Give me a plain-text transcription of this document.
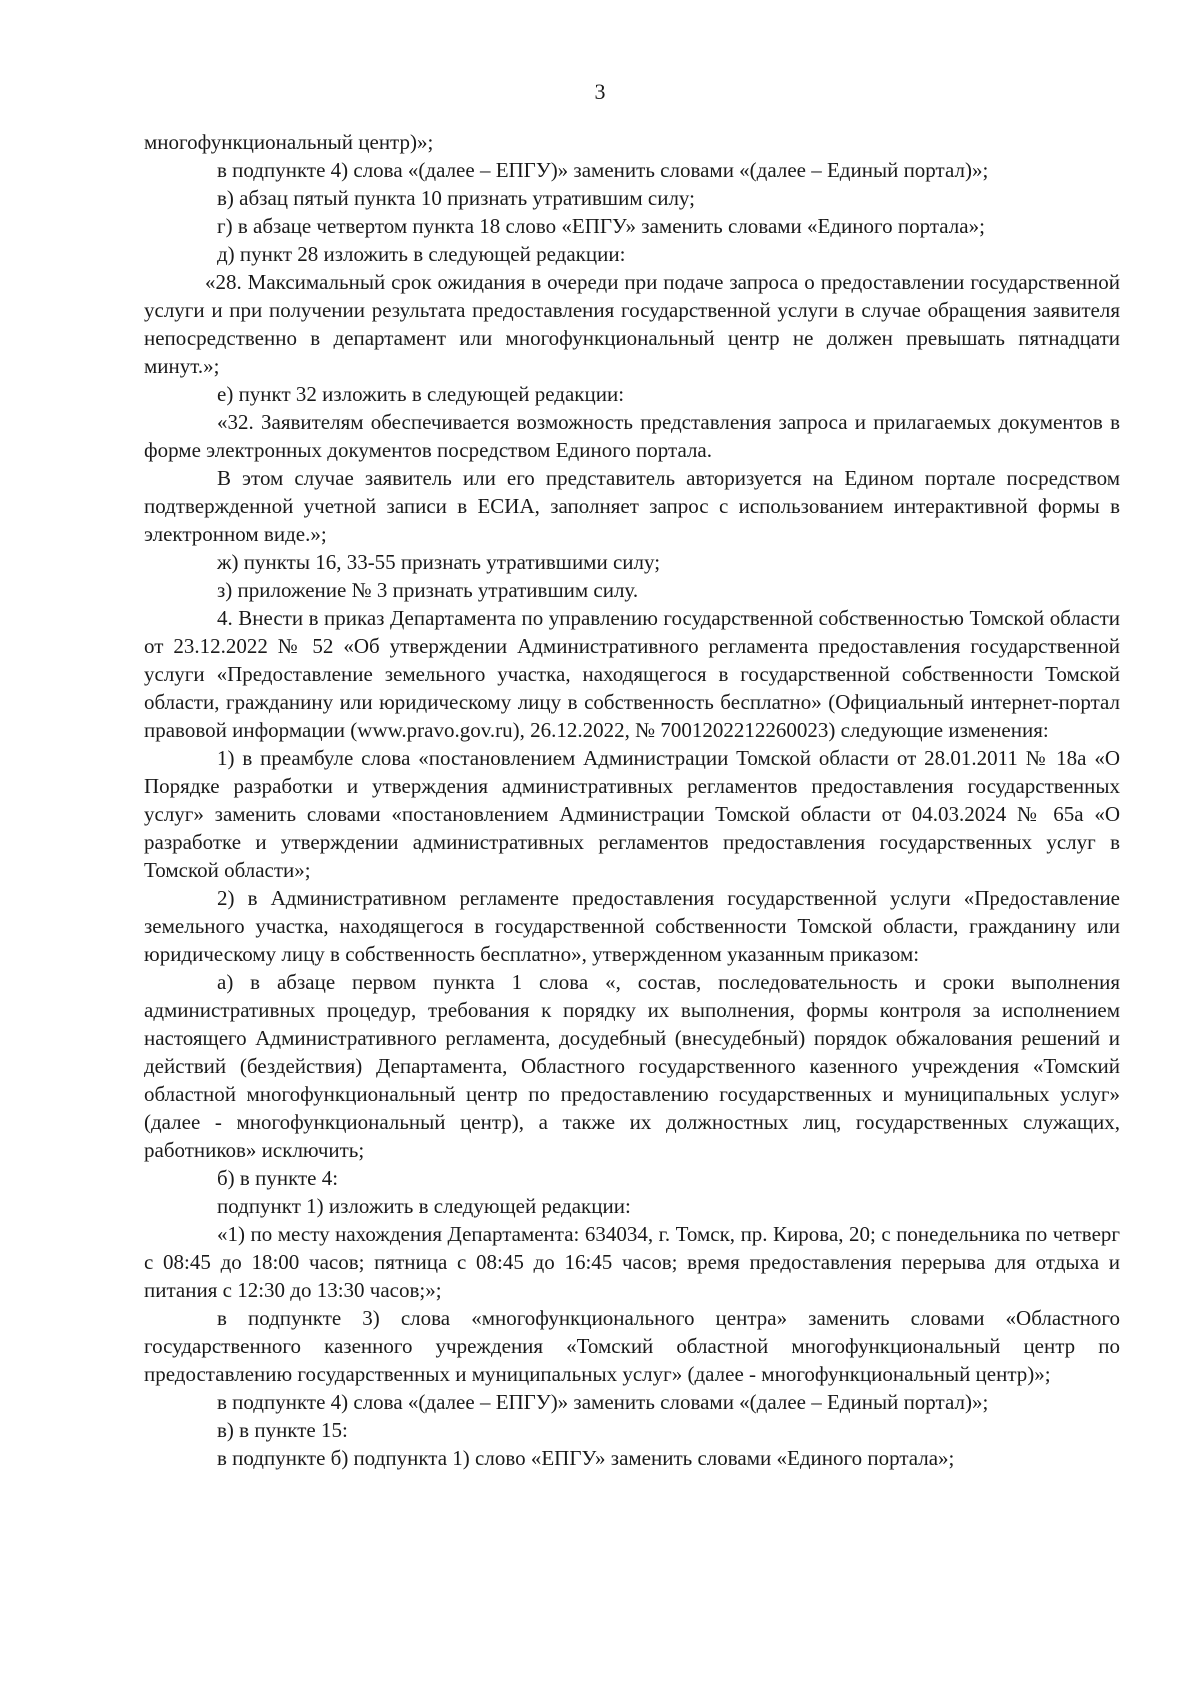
3

многофункциональный центр)»;

в подпункте 4) слова «(далее – ЕПГУ)» заменить словами «(далее – Единый портал)»;

в) абзац пятый пункта 10 признать утратившим силу;

г) в абзаце четвертом пункта 18 слово «ЕПГУ» заменить словами «Единого портала»;

д) пункт 28 изложить в следующей редакции:

«28. Максимальный срок ожидания в очереди при подаче запроса о предоставлении государственной услуги и при получении результата предоставления государственной услуги в случае обращения заявителя непосредственно в департамент или многофункциональный центр не должен превышать пятнадцати минут.»;

е) пункт 32 изложить в следующей редакции:

«32. Заявителям обеспечивается возможность представления запроса и прилагаемых документов в форме электронных документов посредством Единого портала.

В этом случае заявитель или его представитель авторизуется на Едином портале посредством подтвержденной учетной записи в ЕСИА, заполняет запрос с использованием интерактивной формы в электронном виде.»;

ж) пункты 16, 33-55 признать утратившими силу;

з) приложение № 3 признать утратившим силу.

4. Внести в приказ Департамента по управлению государственной собственностью Томской области от 23.12.2022 № 52 «Об утверждении Административного регламента предоставления государственной услуги «Предоставление земельного участка, находящегося в государственной собственности Томской области, гражданину или юридическому лицу в собственность бесплатно» (Официальный интернет-портал правовой информации (www.pravo.gov.ru), 26.12.2022, № 7001202212260023) следующие изменения:

1) в преамбуле слова «постановлением Администрации Томской области от 28.01.2011 № 18а «О Порядке разработки и утверждения административных регламентов предоставления государственных услуг» заменить словами «постановлением Администрации Томской области от 04.03.2024 № 65а «О разработке и утверждении административных регламентов предоставления государственных услуг в Томской области»;

2) в Административном регламенте предоставления государственной услуги «Предоставление земельного участка, находящегося в государственной собственности Томской области, гражданину или юридическому лицу в собственность бесплатно», утвержденном указанным приказом:

а) в абзаце первом пункта 1 слова «, состав, последовательность и сроки выполнения административных процедур, требования к порядку их выполнения, формы контроля за исполнением настоящего Административного регламента, досудебный (внесудебный) порядок обжалования решений и действий (бездействия) Департамента, Областного государственного казенного учреждения «Томский областной многофункциональный центр по предоставлению государственных и муниципальных услуг» (далее - многофункциональный центр), а также их должностных лиц, государственных служащих, работников» исключить;

б) в пункте 4:

подпункт 1) изложить в следующей редакции:

«1) по месту нахождения Департамента: 634034, г. Томск, пр. Кирова, 20; с понедельника по четверг с 08:45 до 18:00 часов; пятница с 08:45 до 16:45 часов; время предоставления перерыва для отдыха и питания с 12:30 до 13:30 часов;»;

в подпункте 3) слова «многофункционального центра» заменить словами «Областного государственного казенного учреждения «Томский областной многофункциональный центр по предоставлению государственных и муниципальных услуг» (далее - многофункциональный центр)»;

в подпункте 4) слова «(далее – ЕПГУ)» заменить словами «(далее – Единый портал)»;

в) в пункте 15:

в подпункте б) подпункта 1) слово «ЕПГУ» заменить словами «Единого портала»;
